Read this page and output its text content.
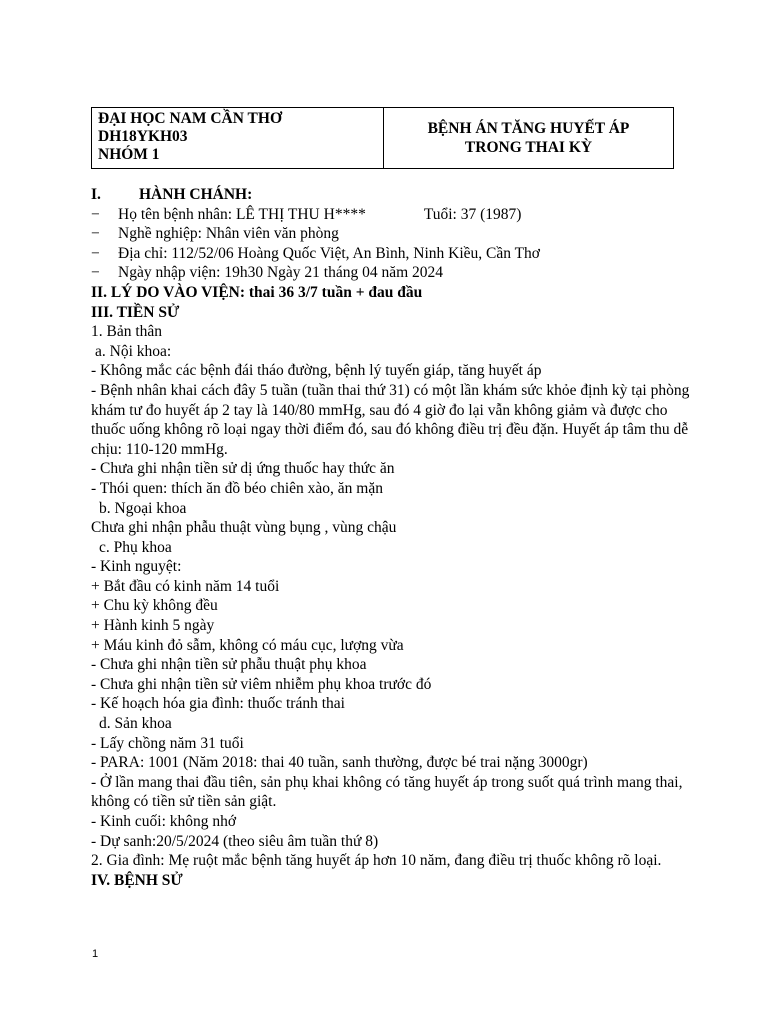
ĐẠI HỌC NAM CẦN THƠ
DH18YKH03
NHÓM 1
BỆNH ÁN TĂNG HUYẾT ÁP
TRONG THAI KỲ
I. HÀNH CHÁNH:
− Họ tên bệnh nhân: LÊ THỊ THU H****	Tuổi: 37 (1987)
− Nghề nghiệp: Nhân viên văn phòng
− Địa chỉ: 112/52/06 Hoàng Quốc Việt, An Bình, Ninh Kiều, Cần Thơ
− Ngày nhập viện: 19h30 Ngày 21 tháng 04 năm 2024
II. LÝ DO VÀO VIỆN: thai 36 3/7 tuần + đau đầu
III. TIỀN SỬ
1. Bản thân
a. Nội khoa:
- Không mắc các bệnh đái tháo đường, bệnh lý tuyến giáp, tăng huyết áp
- Bệnh nhân khai cách đây 5 tuần (tuần thai thứ 31) có một lần khám sức khỏe định kỳ tại phòng khám tư đo huyết áp 2 tay là 140/80 mmHg, sau đó 4 giờ đo lại vẫn không giảm và được cho thuốc uống không rõ loại ngay thời điểm đó, sau đó không điều trị đều đặn. Huyết áp tâm thu dễ chịu: 110-120 mmHg.
- Chưa ghi nhận tiền sử dị ứng thuốc hay thức ăn
- Thói quen: thích ăn đồ béo chiên xào, ăn mặn
b. Ngoại khoa
Chưa ghi nhận phẫu thuật vùng bụng , vùng chậu
c. Phụ khoa
- Kinh nguyệt:
+ Bắt đầu có kinh năm 14 tuổi
+ Chu kỳ không đều
+ Hành kinh 5 ngày
+ Máu kinh đỏ sẫm, không có máu cục, lượng vừa
- Chưa ghi nhận tiền sử phẫu thuật phụ khoa
- Chưa ghi nhận tiền sử viêm nhiễm phụ khoa trước đó
- Kế hoạch hóa gia đình: thuốc tránh thai
d. Sản khoa
- Lấy chồng năm 31 tuổi
- PARA: 1001 (Năm 2018: thai 40 tuần, sanh thường, được bé trai nặng 3000gr)
- Ở lần mang thai đầu tiên, sản phụ khai không có tăng huyết áp trong suốt quá trình mang thai, không có tiền sử tiền sản giật.
- Kinh cuối: không nhớ
- Dự sanh:20/5/2024 (theo siêu âm tuần thứ 8)
2. Gia đình: Mẹ ruột mắc bệnh tăng huyết áp hơn 10 năm, đang điều trị thuốc không rõ loại.
IV. BỆNH SỬ
1
